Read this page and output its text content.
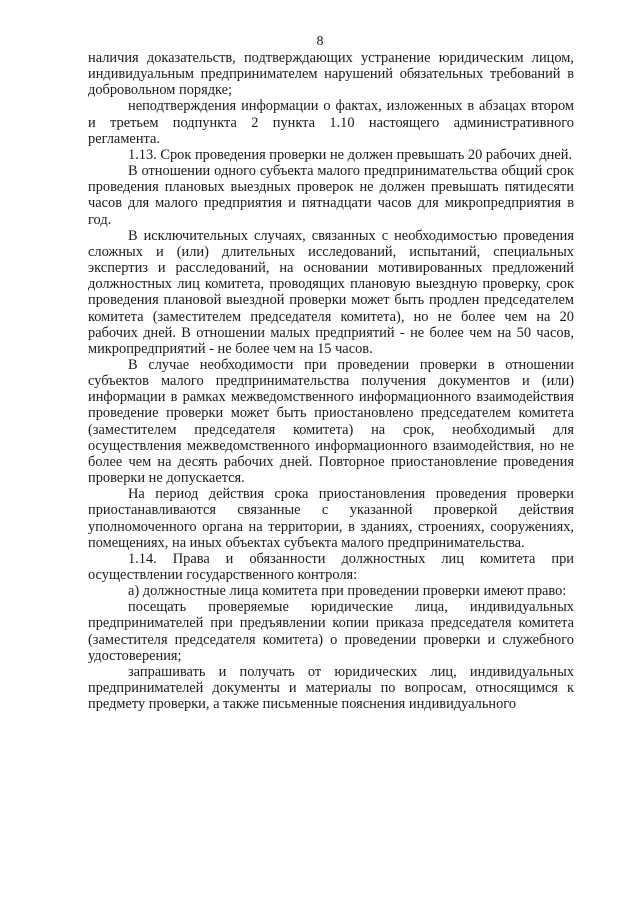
8

наличия доказательств, подтверждающих устранение юридическим лицом, индивидуальным предпринимателем нарушений обязательных требований в добровольном порядке;

неподтверждения информации о фактах, изложенных в абзацах втором и третьем подпункта 2 пункта 1.10 настоящего административного регламента.

1.13. Срок проведения проверки не должен превышать 20 рабочих дней.

В отношении одного субъекта малого предпринимательства общий срок проведения плановых выездных проверок не должен превышать пятидесяти часов для малого предприятия и пятнадцати часов для микропредприятия в год.

В исключительных случаях, связанных с необходимостью проведения сложных и (или) длительных исследований, испытаний, специальных экспертиз и расследований, на основании мотивированных предложений должностных лиц комитета, проводящих плановую выездную проверку, срок проведения плановой выездной проверки может быть продлен председателем комитета (заместителем председателя комитета), но не более чем на 20 рабочих дней. В отношении малых предприятий - не более чем на 50 часов, микропредприятий - не более чем на 15 часов.

В случае необходимости при проведении проверки в отношении субъектов малого предпринимательства получения документов и (или) информации в рамках межведомственного информационного взаимодействия проведение проверки может быть приостановлено председателем комитета (заместителем председателя комитета) на срок, необходимый для осуществления межведомственного информационного взаимодействия, но не более чем на десять рабочих дней. Повторное приостановление проведения проверки не допускается.

На период действия срока приостановления проведения проверки приостанавливаются связанные с указанной проверкой действия уполномоченного органа на территории, в зданиях, строениях, сооружениях, помещениях, на иных объектах субъекта малого предпринимательства.

1.14. Права и обязанности должностных лиц комитета при осуществлении государственного контроля:

а) должностные лица комитета при проведении проверки имеют право:

посещать проверяемые юридические лица, индивидуальных предпринимателей при предъявлении копии приказа председателя комитета (заместителя председателя комитета) о проведении проверки и служебного удостоверения;

запрашивать и получать от юридических лиц, индивидуальных предпринимателей документы и материалы по вопросам, относящимся к предмету проверки, а также письменные пояснения индивидуального
